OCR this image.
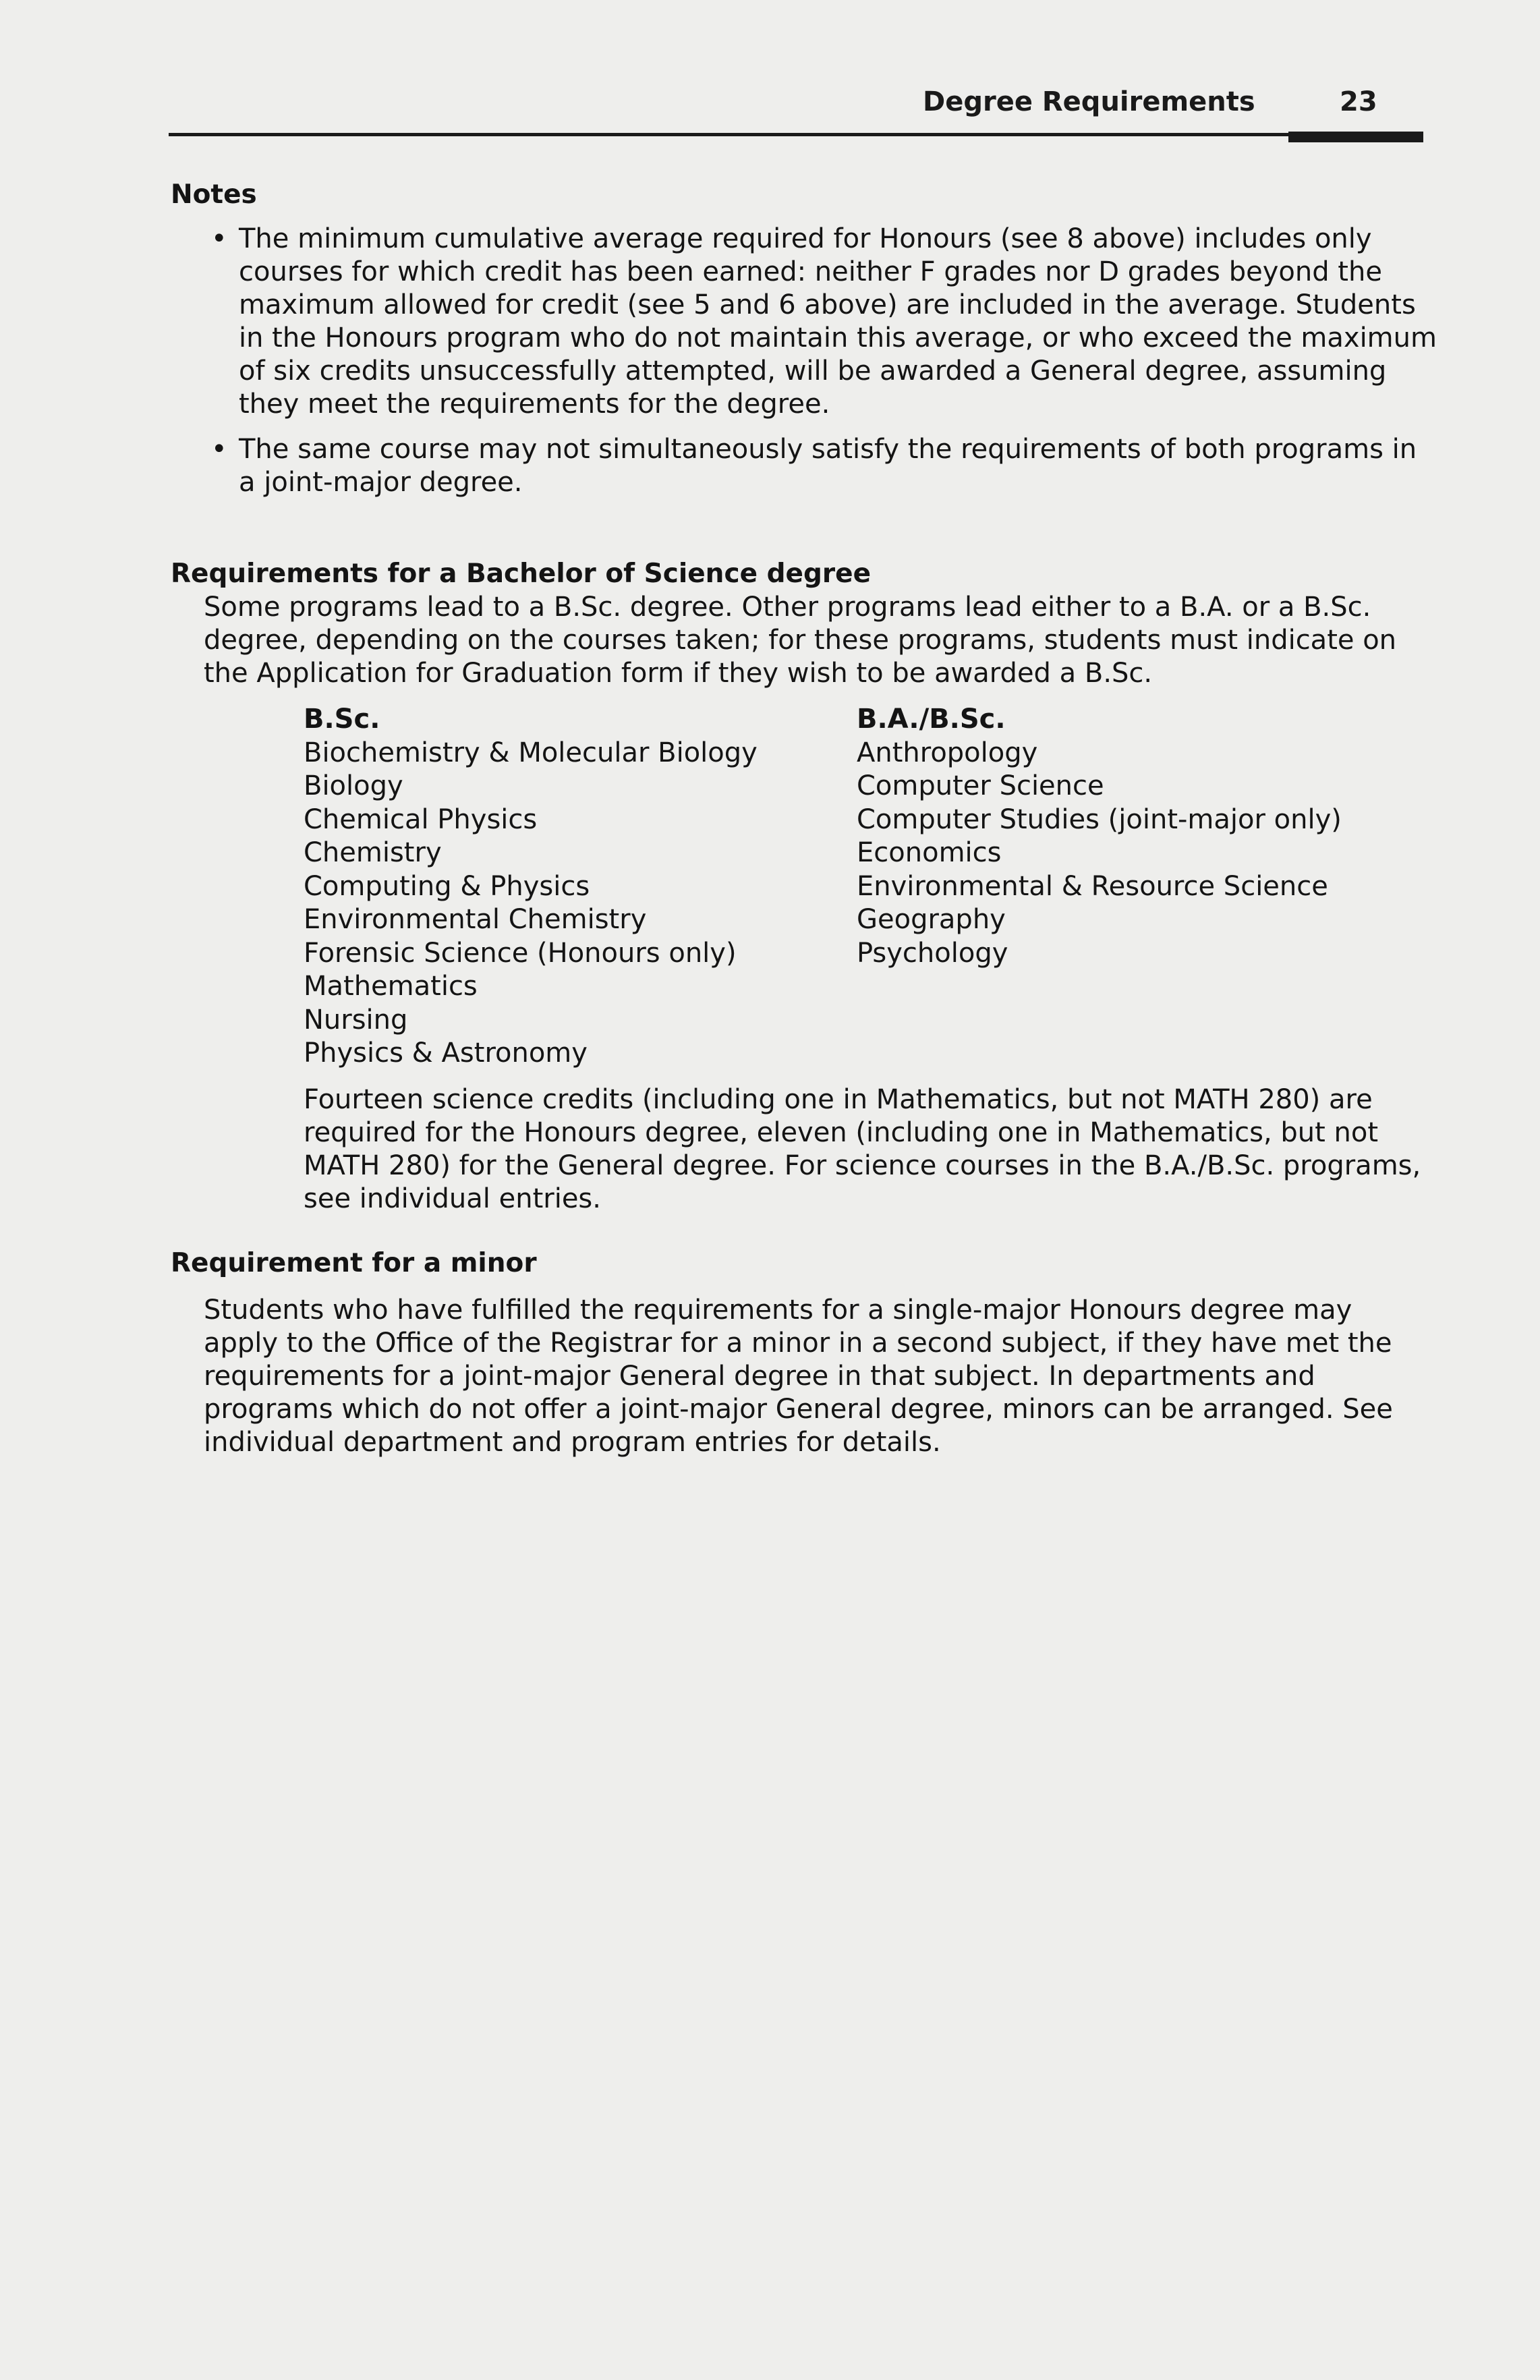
Degree Requirements	23
Notes
• The minimum cumulative average required for Honours (see 8 above) includes only courses for which credit has been earned: neither F grades nor D grades beyond the maximum allowed for credit (see 5 and 6 above) are included in the average. Students in the Honours program who do not maintain this average, or who exceed the maximum of six credits unsuccessfully attempted, will be awarded a General degree, assuming they meet the requirements for the degree.
• The same course may not simultaneously satisfy the requirements of both programs in a joint-major degree.
Requirements for a Bachelor of Science degree
Some programs lead to a B.Sc. degree. Other programs lead either to a B.A. or a B.Sc. degree, depending on the courses taken; for these programs, students must indicate on the Application for Graduation form if they wish to be awarded a B.Sc.
B.Sc.
Biochemistry & Molecular Biology
Biology
Chemical Physics
Chemistry
Computing & Physics
Environmental Chemistry
Forensic Science (Honours only)
Mathematics
Nursing
Physics & Astronomy
B.A./B.Sc.
Anthropology
Computer Science
Computer Studies (joint-major only)
Economics
Environmental & Resource Science
Geography
Psychology
Fourteen science credits (including one in Mathematics, but not MATH 280) are required for the Honours degree, eleven (including one in Mathematics, but not MATH 280) for the General degree. For science courses in the B.A./B.Sc. programs, see individual entries.
Requirement for a minor
Students who have fulfilled the requirements for a single-major Honours degree may apply to the Office of the Registrar for a minor in a second subject, if they have met the requirements for a joint-major General degree in that subject. In departments and programs which do not offer a joint-major General degree, minors can be arranged. See individual department and program entries for details.
